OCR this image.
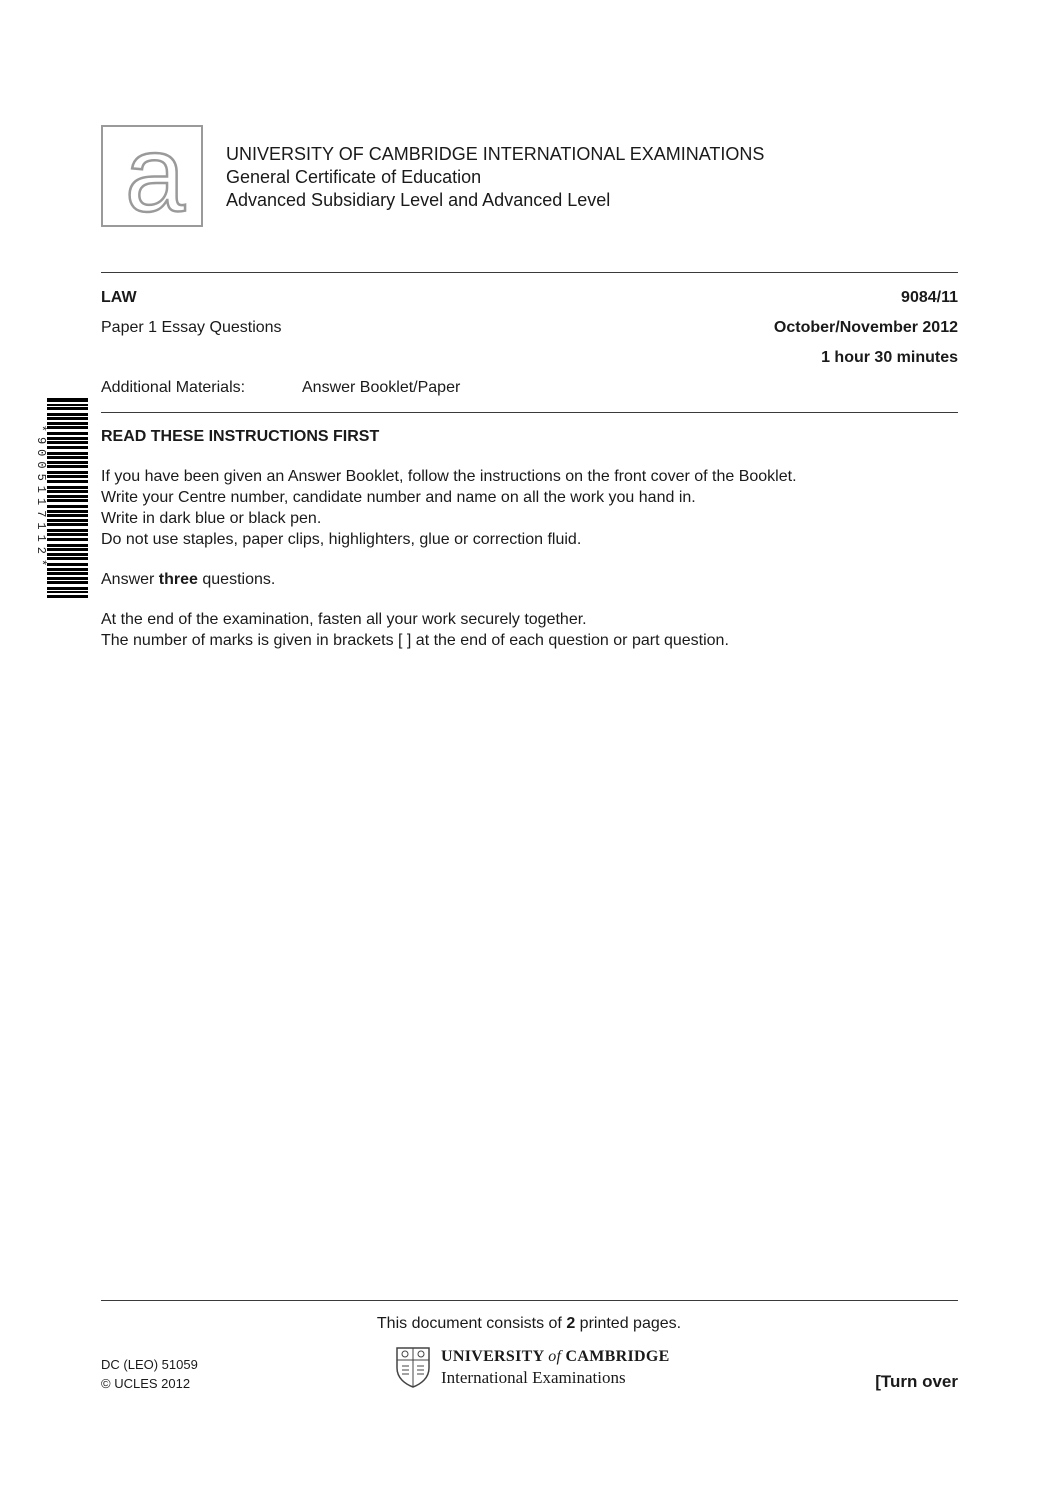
a UNIVERSITY OF CAMBRIDGE INTERNATIONAL EXAMINATIONS
General Certificate of Education
Advanced Subsidiary Level and Advanced Level
LAW	9084/11
Paper 1 Essay Questions	October/November 2012
1 hour 30 minutes
Additional Materials:	Answer Booklet/Paper
*9005117112*	READ THESE INSTRUCTIONS FIRST
If you have been given an Answer Booklet, follow the instructions on the front cover of the Booklet.
Write your Centre number, candidate number and name on all the work you hand in.
Write in dark blue or black pen.
Do not use staples, paper clips, highlighters, glue or correction fluid.
Answer three questions.
At the end of the examination, fasten all your work securely together.
The number of marks is given in brackets [ ] at the end of each question or part question.
This document consists of 2 printed pages.
DC (LEO) 51059
© UCLES 2012
UNIVERSITY of CAMBRIDGE
International Examinations	[Turn over
